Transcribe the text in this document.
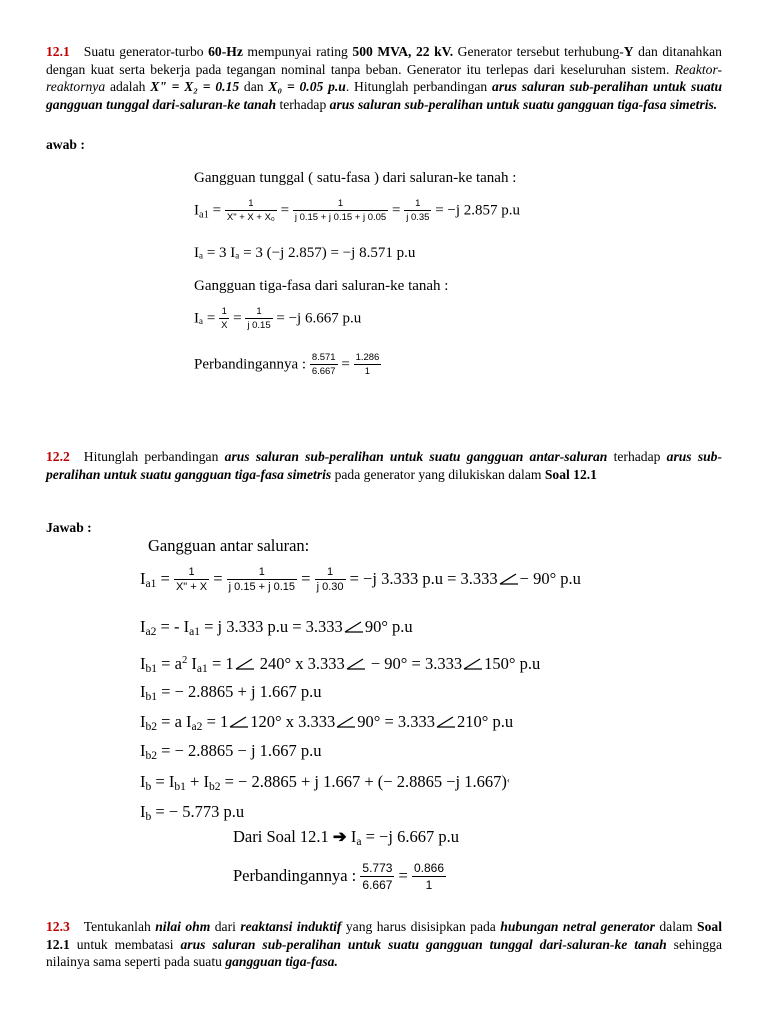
12.1 Suatu generator-turbo 60-Hz mempunyai rating 500 MVA, 22 kV. Generator tersebut terhubung-Y dan ditanahkan dengan kuat serta bekerja pada tegangan nominal tanpa beban. Generator itu terlepas dari keseluruhan sistem. Reaktor-reaktornya adalah X" = X₂ = 0.15 dan X₀ = 0.05 p.u. Hitunglah perbandingan arus saluran sub-peralihan untuk suatu gangguan tunggal dari-saluran-ke tanah terhadap arus saluran sub-peralihan untuk suatu gangguan tiga-fasa simetris.
awab :
Gangguan tunggal ( satu-fasa ) dari saluran-ke tanah :
$I_{a1} = \frac{1}{\text{X" + X + X₀}} = \frac{1}{j 0.15 + j 0.15 + j 0.05} = \frac{1}{j 0.35} = -j$ 2.857 p.u
Iₐ = 3 Iₐ = 3 (−j 2.857) = −j 8.571 p.u
Gangguan tiga-fasa dari saluran-ke tanah :
$I_a = \frac{1}{X} = \frac{1}{j 0.15} = -j$ 6.667 p.u
Perbandingannya : $\frac{8.571}{6.667} = \frac{1.286}{1}$
12.2 Hitunglah perbandingan arus saluran sub-peralihan untuk suatu gangguan antar-saluran terhadap arus sub-peralihan untuk suatu gangguan tiga-fasa simetris pada generator yang dilukiskan dalam Soal 12.1
Jawab :
Gangguan antar saluran:
$I_{a1} = \frac{1}{X" + X} = \frac{1}{j 0.15 + j 0.15} = \frac{1}{j 0.30} = -j$ 3.333 p.u = 3.333 − 90° p.u
$I_{a2}$ = - $I_{a1} = j$ 3.333 p.u = 3.333 90° p.u
$I_{b1} = a^2$ $I_{a1} = 1$ 240° x 3.333 − 90° = 3.333 150° p.u
$I_{b1}$ = − 2.8865 + j 1.667 p.u
$I_{b2} = a$ $I_{a2} = 1$ 120° x 3.333 90° = 3.333 210° p.u
$I_{b2}$ = − 2.8865 − j 1.667 p.u
$I_b = I_{b1} + I_{b2}$ = − 2.8865 + j 1.667 + (− 2.8865 −j 1.667)‹
$I_b$ = − 5.773 p.u
Dari Soal 12.1 ➔ $I_a = -j$ 6.667 p.u
Perbandingannya : $\frac{5.773}{6.667} = \frac{0.866}{1}$
12.3 Tentukanlah nilai ohm dari reaktansi induktif yang harus disisipkan pada hubungan netral generator dalam Soal 12.1 untuk membatasi arus saluran sub-peralihan untuk suatu gangguan tunggal dari-saluran-ke tanah sehingga nilainya sama seperti pada suatu gangguan tiga-fasa.
